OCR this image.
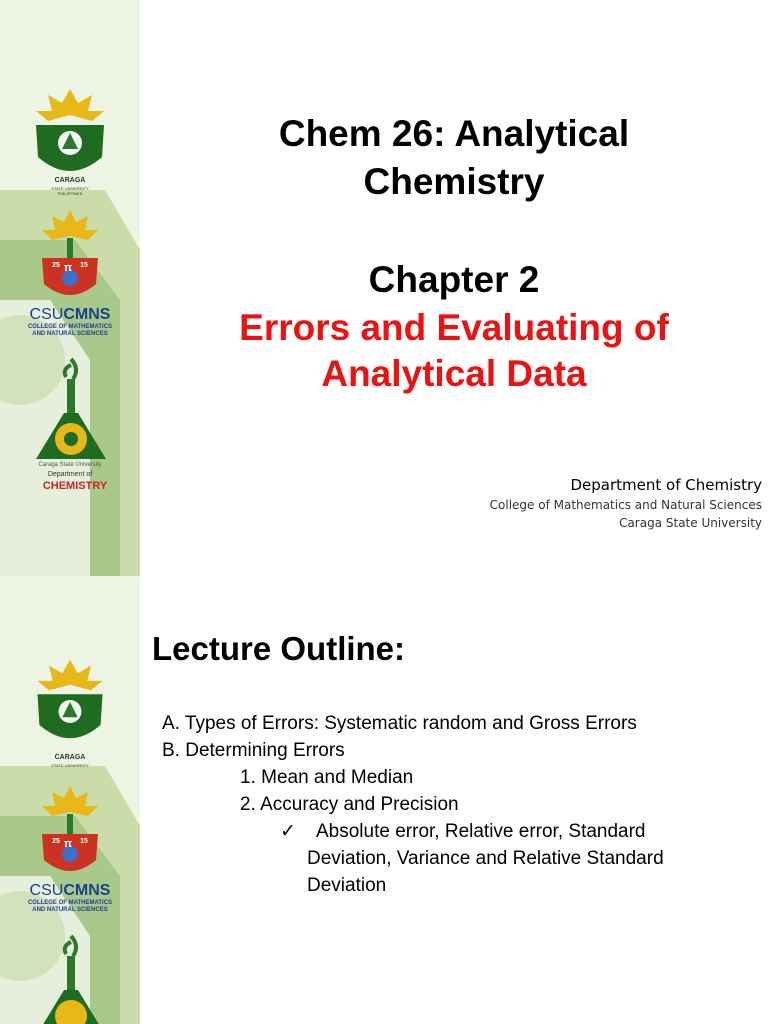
CARAGA
STATE UNIVERSITY
PHILIPPINES
25 π	15
CSUCMNS
COLLEGE OF MATHEMATICS
AND NATURAL SCIENCES
Caraga State University
Department of
CHEMISTRY
Chem 26: Analytical
Chemistry
Chapter 2
Errors and Evaluating of
Analytical Data
Department of Chemistry
College of Mathematics and Natural Sciences
Caraga State University
CARAGA
STATE UNIVERSITY
25 π	15
CSUCMNS
COLLEGE OF MATHEMATICS
AND NATURAL SCIENCES
Lecture Outline:
A. Types of Errors: Systematic random and Gross Errors
B. Determining Errors
1. Mean and Median
2. Accuracy and Precision
✓ Absolute error, Relative error, Standard
Deviation, Variance and Relative Standard
Deviation
